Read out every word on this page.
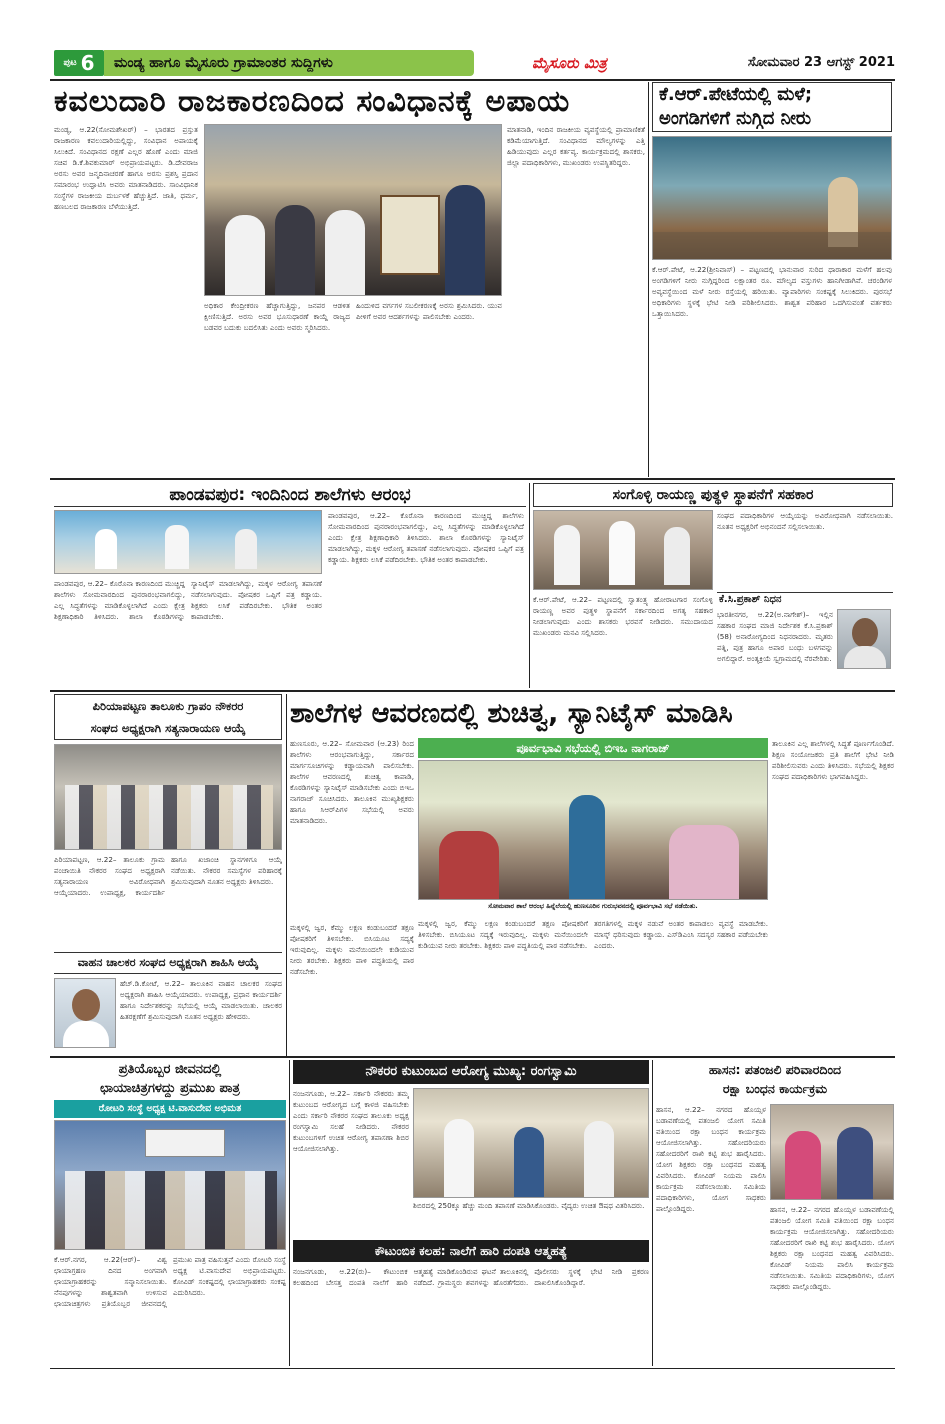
ಪುಟ 6	ಮಂಡ್ಯ ಹಾಗೂ ಮೈಸೂರು ಗ್ರಾಮಾಂತರ ಸುದ್ದಿಗಳು	ಮೈಸೂರು ಮಿತ್ರ	ಸೋಮವಾರ 23 ಆಗಸ್ಟ್ 2021
ಕವಲುದಾರಿ ರಾಜಕಾರಣದಿಂದ ಸಂವಿಧಾನಕ್ಕೆ ಅಪಾಯ
ಮಂಡ್ಯ, ಆ.22(ಸೋಮಶೇಖರ್) – ಭಾರತದ ಪ್ರಸ್ತುತ ರಾಜಕಾರಣ ಕವಲುದಾರಿಯಲ್ಲಿದ್ದು, ಸಂವಿಧಾನ ಅಪಾಯಕ್ಕೆ ಸಿಲುಕಿದೆ. ಸಂವಿಧಾನದ ರಕ್ಷಣೆ ಎಲ್ಲರ ಹೊಣೆ ಎಂದು ಮಾಜಿ ಸಚಿವ ಡಿ.ಕೆ.ಶಿವಕುಮಾರ್ ಅಭಿಪ್ರಾಯಪಟ್ಟರು. ಡಿ.ದೇವರಾಜ ಅರಸು ಅವರ ಜನ್ಮದಿನಾಚರಣೆ ಹಾಗೂ ಅರಸು ಪ್ರಶಸ್ತಿ ಪ್ರದಾನ ಸಮಾರಂಭ ಉದ್ಘಾಟಿಸಿ ಅವರು ಮಾತನಾಡಿದರು. ಸಾಂವಿಧಾನಿಕ ಸಂಸ್ಥೆಗಳ ರಾಜಕೀಯ ದುರ್ಬಳಕೆ ಹೆಚ್ಚುತ್ತಿದೆ. ಜಾತಿ, ಧರ್ಮ, ಹಣಬಲದ ರಾಜಕಾರಣ ಬೆಳೆಯುತ್ತಿದೆ.
ಅಧಿಕಾರ ಕೇಂದ್ರೀಕರಣ ಹೆಚ್ಚಾಗುತ್ತಿದ್ದು, ಜನಪರ ಆಡಳಿತ ಕ್ಷೀಣಿಸುತ್ತಿದೆ. ಅರಸು ಅವರ ಭೂಸುಧಾರಣೆ ಕಾಯ್ದೆ ರಾಜ್ಯದ ಬಡವರ ಬದುಕು ಬದಲಿಸಿತು ಎಂದು ಅವರು ಸ್ಮರಿಸಿದರು.
ಹಿಂದುಳಿದ ವರ್ಗಗಳ ಸಬಲೀಕರಣಕ್ಕೆ ಅರಸು ಶ್ರಮಿಸಿದರು. ಯುವ ಪೀಳಿಗೆ ಅವರ ಆದರ್ಶಗಳನ್ನು ಪಾಲಿಸಬೇಕು ಎಂದರು.
ಮಾತನಾಡಿ, ಇಂದಿನ ರಾಜಕೀಯ ವ್ಯವಸ್ಥೆಯಲ್ಲಿ ಪ್ರಾಮಾಣಿಕತೆ ಕಡಿಮೆಯಾಗುತ್ತಿದೆ. ಸಂವಿಧಾನದ ಮೌಲ್ಯಗಳನ್ನು ಎತ್ತಿ ಹಿಡಿಯುವುದು ಎಲ್ಲರ ಕರ್ತವ್ಯ. ಕಾರ್ಯಕ್ರಮದಲ್ಲಿ ಶಾಸಕರು, ಜಿಲ್ಲಾ ಪದಾಧಿಕಾರಿಗಳು, ಮುಖಂಡರು ಉಪಸ್ಥಿತರಿದ್ದರು.
ಕೆ.ಆರ್.ಪೇಟೆಯಲ್ಲಿ ಮಳೆ;
ಅಂಗಡಿಗಳಿಗೆ ನುಗ್ಗಿದ ನೀರು
ಕೆ.ಆರ್.ಪೇಟೆ, ಆ.22(ಶ್ರೀನಿವಾಸ್) – ಪಟ್ಟಣದಲ್ಲಿ ಭಾನುವಾರ ಸುರಿದ ಧಾರಾಕಾರ ಮಳೆಗೆ ಹಲವು ಅಂಗಡಿಗಳಿಗೆ ನೀರು ನುಗ್ಗಿದ್ದರಿಂದ ಲಕ್ಷಾಂತರ ರೂ. ಮೌಲ್ಯದ ವಸ್ತುಗಳು ಹಾನಿಗೀಡಾಗಿವೆ. ಚರಂಡಿಗಳ ಅವ್ಯವಸ್ಥೆಯಿಂದ ಮಳೆ ನೀರು ರಸ್ತೆಯಲ್ಲಿ ಹರಿಯಿತು. ವ್ಯಾಪಾರಿಗಳು ಸಂಕಷ್ಟಕ್ಕೆ ಸಿಲುಕಿದರು. ಪುರಸಭೆ ಅಧಿಕಾರಿಗಳು ಸ್ಥಳಕ್ಕೆ ಭೇಟಿ ನೀಡಿ ಪರಿಶೀಲಿಸಿದರು. ಶಾಶ್ವತ ಪರಿಹಾರ ಒದಗಿಸುವಂತೆ ವರ್ತಕರು ಒತ್ತಾಯಿಸಿದರು.
ಪಾಂಡವಪುರ: ಇಂದಿನಿಂದ ಶಾಲೆಗಳು ಆರಂಭ
ಪಾಂಡವಪುರ, ಆ.22– ಕೊರೊನಾ ಕಾರಣದಿಂದ ಮುಚ್ಚಿದ್ದ ಶಾಲೆಗಳು ಸೋಮವಾರದಿಂದ ಪುನರಾರಂಭವಾಗಲಿದ್ದು, ಎಲ್ಲ ಸಿದ್ಧತೆಗಳನ್ನು ಮಾಡಿಕೊಳ್ಳಲಾಗಿದೆ ಎಂದು ಕ್ಷೇತ್ರ ಶಿಕ್ಷಣಾಧಿಕಾರಿ ತಿಳಿಸಿದರು. ಶಾಲಾ ಕೊಠಡಿಗಳನ್ನು ಸ್ಯಾನಿಟೈಸ್ ಮಾಡಲಾಗಿದ್ದು, ಮಕ್ಕಳ ಆರೋಗ್ಯ ತಪಾಸಣೆ ನಡೆಸಲಾಗುವುದು. ಪೋಷಕರ ಒಪ್ಪಿಗೆ ಪತ್ರ ಕಡ್ಡಾಯ. ಶಿಕ್ಷಕರು ಲಸಿಕೆ ಪಡೆದಿರಬೇಕು. ಭೌತಿಕ ಅಂತರ ಕಾಪಾಡಬೇಕು.
ಪಾಂಡವಪುರ, ಆ.22– ಕೊರೊನಾ ಕಾರಣದಿಂದ ಮುಚ್ಚಿದ್ದ ಶಾಲೆಗಳು ಸೋಮವಾರದಿಂದ ಪುನರಾರಂಭವಾಗಲಿದ್ದು, ಎಲ್ಲ ಸಿದ್ಧತೆಗಳನ್ನು ಮಾಡಿಕೊಳ್ಳಲಾಗಿದೆ ಎಂದು ಕ್ಷೇತ್ರ ಶಿಕ್ಷಣಾಧಿಕಾರಿ ತಿಳಿಸಿದರು. ಶಾಲಾ ಕೊಠಡಿಗಳನ್ನು ಸ್ಯಾನಿಟೈಸ್ ಮಾಡಲಾಗಿದ್ದು, ಮಕ್ಕಳ ಆರೋಗ್ಯ ತಪಾಸಣೆ ನಡೆಸಲಾಗುವುದು. ಪೋಷಕರ ಒಪ್ಪಿಗೆ ಪತ್ರ ಕಡ್ಡಾಯ. ಶಿಕ್ಷಕರು ಲಸಿಕೆ ಪಡೆದಿರಬೇಕು. ಭೌತಿಕ ಅಂತರ ಕಾಪಾಡಬೇಕು.
ಸಂಗೊಳ್ಳಿ ರಾಯಣ್ಣ ಪುತ್ಥಳಿ ಸ್ಥಾಪನೆಗೆ ಸಹಕಾರ
ಸಂಘದ ಪದಾಧಿಕಾರಿಗಳ ಆಯ್ಕೆಯನ್ನು ಅವಿರೋಧವಾಗಿ ನಡೆಸಲಾಯಿತು. ನೂತನ ಅಧ್ಯಕ್ಷರಿಗೆ ಅಭಿನಂದನೆ ಸಲ್ಲಿಸಲಾಯಿತು.
ಕೆ.ಆರ್.ಪೇಟೆ, ಆ.22– ಪಟ್ಟಣದಲ್ಲಿ ಸ್ವಾತಂತ್ರ್ಯ ಹೋರಾಟಗಾರ ಸಂಗೊಳ್ಳಿ ರಾಯಣ್ಣ ಅವರ ಪುತ್ಥಳಿ ಸ್ಥಾಪನೆಗೆ ಸರ್ಕಾರದಿಂದ ಅಗತ್ಯ ಸಹಕಾರ ನೀಡಲಾಗುವುದು ಎಂದು ಶಾಸಕರು ಭರವಸೆ ನೀಡಿದರು. ಸಮುದಾಯದ ಮುಖಂಡರು ಮನವಿ ಸಲ್ಲಿಸಿದರು.
ಕೆ.ಸಿ.ಪ್ರಕಾಶ್ ನಿಧನ
ಭಾರತೀನಗರ, ಆ.22(ಅ.ನಾಗೇಶ್)– ಇಲ್ಲಿನ ಸಹಕಾರ ಸಂಘದ ಮಾಜಿ ನಿರ್ದೇಶಕ ಕೆ.ಸಿ.ಪ್ರಕಾಶ್ (58) ಅನಾರೋಗ್ಯದಿಂದ ನಿಧನರಾದರು. ಮೃತರು ಪತ್ನಿ, ಪುತ್ರ ಹಾಗೂ ಅಪಾರ ಬಂಧು ಬಳಗವನ್ನು ಅಗಲಿದ್ದಾರೆ. ಅಂತ್ಯಕ್ರಿಯೆ ಸ್ವಗ್ರಾಮದಲ್ಲಿ ನೆರವೇರಿತು.
ಪಿರಿಯಾಪಟ್ಟಣ ತಾಲೂಕು ಗ್ರಾಪಂ ನೌಕರರ
ಸಂಘದ ಅಧ್ಯಕ್ಷರಾಗಿ ಸತ್ಯನಾರಾಯಣ ಆಯ್ಕೆ
ಪಿರಿಯಾಪಟ್ಟಣ, ಆ.22– ತಾಲೂಕು ಗ್ರಾಮ ಪಂಚಾಯಿತಿ ನೌಕರರ ಸಂಘದ ಅಧ್ಯಕ್ಷರಾಗಿ ಸತ್ಯನಾರಾಯಣ ಅವಿರೋಧವಾಗಿ ಆಯ್ಕೆಯಾದರು. ಉಪಾಧ್ಯಕ್ಷ, ಕಾರ್ಯದರ್ಶಿ ಹಾಗೂ ಖಜಾಂಚಿ ಸ್ಥಾನಗಳಿಗೂ ಆಯ್ಕೆ ನಡೆಯಿತು. ನೌಕರರ ಸಮಸ್ಯೆಗಳ ಪರಿಹಾರಕ್ಕೆ ಶ್ರಮಿಸುವುದಾಗಿ ನೂತನ ಅಧ್ಯಕ್ಷರು ತಿಳಿಸಿದರು.
ವಾಹನ ಚಾಲಕರ ಸಂಘದ ಅಧ್ಯಕ್ಷರಾಗಿ ಶಾಹಿಸಿ ಆಯ್ಕೆ
ಹೆಚ್.ಡಿ.ಕೋಟೆ, ಆ.22– ತಾಲೂಕಿನ ವಾಹನ ಚಾಲಕರ ಸಂಘದ ಅಧ್ಯಕ್ಷರಾಗಿ ಶಾಹಿಸಿ ಆಯ್ಕೆಯಾದರು. ಉಪಾಧ್ಯಕ್ಷ, ಪ್ರಧಾನ ಕಾರ್ಯದರ್ಶಿ ಹಾಗೂ ನಿರ್ದೇಶಕರನ್ನು ಸಭೆಯಲ್ಲಿ ಆಯ್ಕೆ ಮಾಡಲಾಯಿತು. ಚಾಲಕರ ಹಿತರಕ್ಷಣೆಗೆ ಶ್ರಮಿಸುವುದಾಗಿ ನೂತನ ಅಧ್ಯಕ್ಷರು ಹೇಳಿದರು.
ಶಾಲೆಗಳ ಆವರಣದಲ್ಲಿ ಶುಚಿತ್ವ, ಸ್ಯಾನಿಟೈಸ್ ಮಾಡಿಸಿ
ಹುಣಸೂರು, ಆ.22– ಸೋಮವಾರ (ಆ.23) ರಿಂದ ಶಾಲೆಗಳು ಆರಂಭವಾಗುತ್ತಿದ್ದು, ಸರ್ಕಾರದ ಮಾರ್ಗಸೂಚಿಗಳನ್ನು ಕಡ್ಡಾಯವಾಗಿ ಪಾಲಿಸಬೇಕು. ಶಾಲೆಗಳ ಆವರಣದಲ್ಲಿ ಶುಚಿತ್ವ ಕಾಪಾಡಿ, ಕೊಠಡಿಗಳನ್ನು ಸ್ಯಾನಿಟೈಸ್ ಮಾಡಿಸಬೇಕು ಎಂದು ಬಿಇಒ ನಾಗರಾಜ್ ಸೂಚಿಸಿದರು. ತಾಲೂಕಿನ ಮುಖ್ಯಶಿಕ್ಷಕರು ಹಾಗೂ ಸಿಆರ್‌ಪಿಗಳ ಸಭೆಯಲ್ಲಿ ಅವರು ಮಾತನಾಡಿದರು.
ಪೂರ್ವಭಾವಿ ಸಭೆಯಲ್ಲಿ ಬಿಇಒ ನಾಗರಾಜ್
ಸೋಮವಾರ ಶಾಲೆ ಆರಂಭ ಹಿನ್ನೆಲೆಯಲ್ಲಿ ಹುಣಸೂರಿನ ಗುರುಭವನದಲ್ಲಿ ಪೂರ್ವಭಾವಿ ಸಭೆ ನಡೆಯಿತು.
ತಾಲೂಕಿನ ಎಲ್ಲ ಶಾಲೆಗಳಲ್ಲಿ ಸಿದ್ಧತೆ ಪೂರ್ಣಗೊಂಡಿದೆ. ಶಿಕ್ಷಣ ಸಂಯೋಜಕರು ಪ್ರತಿ ಶಾಲೆಗೆ ಭೇಟಿ ನೀಡಿ ಪರಿಶೀಲಿಸುವರು ಎಂದು ತಿಳಿಸಿದರು. ಸಭೆಯಲ್ಲಿ ಶಿಕ್ಷಕರ ಸಂಘದ ಪದಾಧಿಕಾರಿಗಳು ಭಾಗವಹಿಸಿದ್ದರು.
ಮಕ್ಕಳಲ್ಲಿ ಜ್ವರ, ಕೆಮ್ಮು ಲಕ್ಷಣ ಕಂಡುಬಂದರೆ ತಕ್ಷಣ ಪೋಷಕರಿಗೆ ತಿಳಿಸಬೇಕು. ಬಿಸಿಯೂಟ ಸದ್ಯಕ್ಕೆ ಇರುವುದಿಲ್ಲ. ಮಕ್ಕಳು ಮನೆಯಿಂದಲೇ ಕುಡಿಯುವ ನೀರು ತರಬೇಕು. ಶಿಕ್ಷಕರು ಪಾಳಿ ಪದ್ಧತಿಯಲ್ಲಿ ಪಾಠ ನಡೆಸಬೇಕು.
ತರಗತಿಗಳಲ್ಲಿ ಮಕ್ಕಳ ನಡುವೆ ಅಂತರ ಕಾಪಾಡಲು ವ್ಯವಸ್ಥೆ ಮಾಡಬೇಕು. ಮಾಸ್ಕ್ ಧರಿಸುವುದು ಕಡ್ಡಾಯ. ಎಸ್‌ಡಿಎಂಸಿ ಸದಸ್ಯರ ಸಹಕಾರ ಪಡೆಯಬೇಕು ಎಂದರು.
ಮಕ್ಕಳಲ್ಲಿ ಜ್ವರ, ಕೆಮ್ಮು ಲಕ್ಷಣ ಕಂಡುಬಂದರೆ ತಕ್ಷಣ ಪೋಷಕರಿಗೆ ತಿಳಿಸಬೇಕು. ಬಿಸಿಯೂಟ ಸದ್ಯಕ್ಕೆ ಇರುವುದಿಲ್ಲ. ಮಕ್ಕಳು ಮನೆಯಿಂದಲೇ ಕುಡಿಯುವ ನೀರು ತರಬೇಕು. ಶಿಕ್ಷಕರು ಪಾಳಿ ಪದ್ಧತಿಯಲ್ಲಿ ಪಾಠ ನಡೆಸಬೇಕು.
ಪ್ರತಿಯೊಬ್ಬರ ಜೀವನದಲ್ಲಿ
ಛಾಯಾಚಿತ್ರಗಳದ್ದು ಪ್ರಮುಖ ಪಾತ್ರ
ರೋಟರಿ ಸಂಸ್ಥೆ ಅಧ್ಯಕ್ಷ ಟಿ.ವಾಸುದೇವ ಅಭಿಮತ
ಕೆ.ಆರ್.ನಗರ, ಆ.22(ಆರ್)– ವಿಶ್ವ ಛಾಯಾಗ್ರಹಣ ದಿನದ ಅಂಗವಾಗಿ ಛಾಯಾಗ್ರಾಹಕರನ್ನು ಸನ್ಮಾನಿಸಲಾಯಿತು. ನೆನಪುಗಳನ್ನು ಶಾಶ್ವತವಾಗಿ ಉಳಿಸುವ ಛಾಯಾಚಿತ್ರಗಳು ಪ್ರತಿಯೊಬ್ಬರ ಜೀವನದಲ್ಲಿ ಪ್ರಮುಖ ಪಾತ್ರ ವಹಿಸುತ್ತವೆ ಎಂದು ರೋಟರಿ ಸಂಸ್ಥೆ ಅಧ್ಯಕ್ಷ ಟಿ.ವಾಸುದೇವ ಅಭಿಪ್ರಾಯಪಟ್ಟರು. ಕೋವಿಡ್ ಸಂಕಷ್ಟದಲ್ಲಿ ಛಾಯಾಗ್ರಾಹಕರು ಸಂಕಷ್ಟ ಎದುರಿಸಿದರು.
ನೌಕರರ ಕುಟುಂಬದ ಆರೋಗ್ಯ ಮುಖ್ಯ: ರಂಗಸ್ವಾಮಿ
ನಂಜನಗೂಡು, ಆ.22– ಸರ್ಕಾರಿ ನೌಕರರು ತಮ್ಮ ಕುಟುಂಬದ ಆರೋಗ್ಯದ ಬಗ್ಗೆ ಕಾಳಜಿ ವಹಿಸಬೇಕು ಎಂದು ಸರ್ಕಾರಿ ನೌಕರರ ಸಂಘದ ತಾಲೂಕು ಅಧ್ಯಕ್ಷ ರಂಗಸ್ವಾಮಿ ಸಲಹೆ ನೀಡಿದರು. ನೌಕರರ ಕುಟುಂಬಗಳಿಗೆ ಉಚಿತ ಆರೋಗ್ಯ ತಪಾಸಣಾ ಶಿಬಿರ ಆಯೋಜಿಸಲಾಗಿತ್ತು.
ಶಿಬಿರದಲ್ಲಿ 250ಕ್ಕೂ ಹೆಚ್ಚು ಮಂದಿ ತಪಾಸಣೆ ಮಾಡಿಸಿಕೊಂಡರು. ವೈದ್ಯರು ಉಚಿತ ಔಷಧ ವಿತರಿಸಿದರು.
ಕೌಟುಂಬಿಕ ಕಲಹ: ನಾಲೆಗೆ ಹಾರಿ ದಂಪತಿ ಆತ್ಮಹತ್ಯೆ
ನಂಜನಗೂಡು, ಆ.22(ರು)– ಕೌಟುಂಬಿಕ ಕಲಹದಿಂದ ಬೇಸತ್ತ ದಂಪತಿ ನಾಲೆಗೆ ಹಾರಿ ಆತ್ಮಹತ್ಯೆ ಮಾಡಿಕೊಂಡಿರುವ ಘಟನೆ ತಾಲೂಕಿನಲ್ಲಿ ನಡೆದಿದೆ. ಗ್ರಾಮಸ್ಥರು ಶವಗಳನ್ನು ಹೊರತೆಗೆದರು. ಪೊಲೀಸರು ಸ್ಥಳಕ್ಕೆ ಭೇಟಿ ನೀಡಿ ಪ್ರಕರಣ ದಾಖಲಿಸಿಕೊಂಡಿದ್ದಾರೆ.
ಹಾಸನ: ಪತಂಜಲಿ ಪರಿವಾರದಿಂದ
ರಕ್ಷಾ ಬಂಧನ ಕಾರ್ಯಕ್ರಮ
ಹಾಸನ, ಆ.22– ನಗರದ ಹೊಯ್ಸಳ ಬಡಾವಣೆಯಲ್ಲಿ ಪತಂಜಲಿ ಯೋಗ ಸಮಿತಿ ವತಿಯಿಂದ ರಕ್ಷಾ ಬಂಧನ ಕಾರ್ಯಕ್ರಮ ಆಯೋಜಿಸಲಾಗಿತ್ತು. ಸಹೋದರಿಯರು ಸಹೋದರರಿಗೆ ರಾಖಿ ಕಟ್ಟಿ ಶುಭ ಹಾರೈಸಿದರು. ಯೋಗ ಶಿಕ್ಷಕರು ರಕ್ಷಾ ಬಂಧನದ ಮಹತ್ವ ವಿವರಿಸಿದರು. ಕೋವಿಡ್ ನಿಯಮ ಪಾಲಿಸಿ ಕಾರ್ಯಕ್ರಮ ನಡೆಸಲಾಯಿತು. ಸಮಿತಿಯ ಪದಾಧಿಕಾರಿಗಳು, ಯೋಗ ಸಾಧಕರು ಪಾಲ್ಗೊಂಡಿದ್ದರು.	ಹಾಸನ, ಆ.22– ನಗರದ ಹೊಯ್ಸಳ ಬಡಾವಣೆಯಲ್ಲಿ ಪತಂಜಲಿ ಯೋಗ ಸಮಿತಿ ವತಿಯಿಂದ ರಕ್ಷಾ ಬಂಧನ ಕಾರ್ಯಕ್ರಮ ಆಯೋಜಿಸಲಾಗಿತ್ತು. ಸಹೋದರಿಯರು ಸಹೋದರರಿಗೆ ರಾಖಿ ಕಟ್ಟಿ ಶುಭ ಹಾರೈಸಿದರು. ಯೋಗ ಶಿಕ್ಷಕರು ರಕ್ಷಾ ಬಂಧನದ ಮಹತ್ವ ವಿವರಿಸಿದರು. ಕೋವಿಡ್ ನಿಯಮ ಪಾಲಿಸಿ ಕಾರ್ಯಕ್ರಮ ನಡೆಸಲಾಯಿತು. ಸಮಿತಿಯ ಪದಾಧಿಕಾರಿಗಳು, ಯೋಗ ಸಾಧಕರು ಪಾಲ್ಗೊಂಡಿದ್ದರು.
